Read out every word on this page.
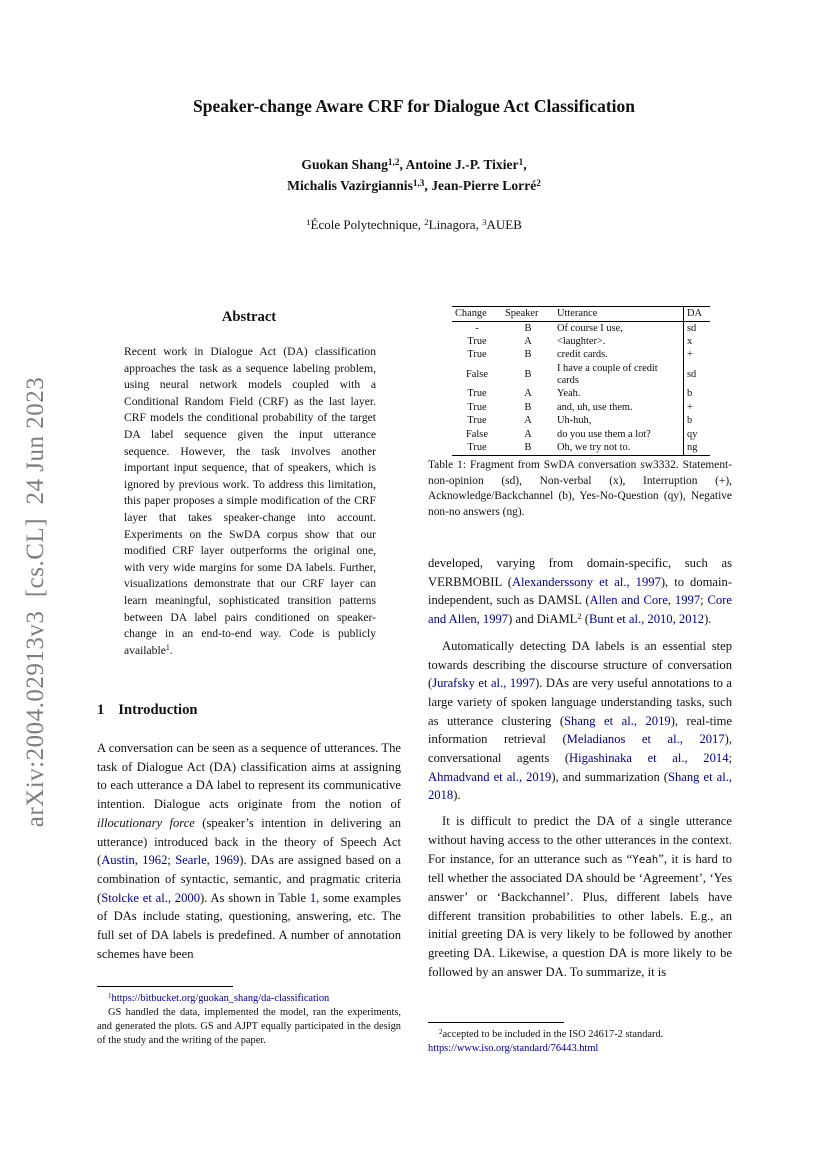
arXiv:2004.02913v3  [cs.CL]  24 Jun 2023
Speaker-change Aware CRF for Dialogue Act Classification
Guokan Shang$^{1,2}$, Antoine J.-P. Tixier$^1$,
Michalis Vazirgiannis$^{1,3}$, Jean-Pierre Lorré$^2$
$^1$École Polytechnique, $^2$Linagora, $^3$AUEB
Abstract
Recent work in Dialogue Act (DA) classification approaches the task as a sequence labeling problem, using neural network models coupled with a Conditional Random Field (CRF) as the last layer. CRF models the conditional probability of the target DA label sequence given the input utterance sequence. However, the task involves another important input sequence, that of speakers, which is ignored by previous work. To address this limitation, this paper proposes a simple modification of the CRF layer that takes speaker-change into account. Experiments on the SwDA corpus show that our modified CRF layer outperforms the original one, with very wide margins for some DA labels. Further, visualizations demonstrate that our CRF layer can learn meaningful, sophisticated transition patterns between DA label pairs conditioned on speaker-change in an end-to-end way. Code is publicly available$^1$.
1 Introduction
A conversation can be seen as a sequence of utterances. The task of Dialogue Act (DA) classification aims at assigning to each utterance a DA label to represent its communicative intention. Dialogue acts originate from the notion of illocutionary force (speaker’s intention in delivering an utterance) introduced back in the theory of Speech Act (Austin, 1962; Searle, 1969). DAs are assigned based on a combination of syntactic, semantic, and pragmatic criteria (Stolcke et al., 2000). As shown in Table 1, some examples of DAs include stating, questioning, answering, etc. The full set of DA labels is predefined. A number of annotation schemes have been

$^1$https://bitbucket.org/guokan_shang/da-classification

GS handled the data, implemented the model, ran the experiments, and generated the plots. GS and AJPT equally participated in the design of the study and the writing of the paper.

Change	Speaker	Utterance	DA
-	B	Of course I use,	sd
True	A	<laughter>.	x
True	B	credit cards.	+
False	B	I have a couple of credit cards	sd
True	A	Yeah.	b
True	B	and, uh, use them.	+
True	A	Uh-huh,	b
False	A	do you use them a lot?	qy
True	B	Oh, we try not to.	ng
Table 1: Fragment from SwDA conversation sw3332. Statement-non-opinion (sd), Non-verbal (x), Interruption (+), Acknowledge/Backchannel (b), Yes-No-Question (qy), Negative non-no answers (ng).

developed, varying from domain-specific, such as VERBMOBIL (Alexanderssony et al., 1997), to domain-independent, such as DAMSL (Allen and Core, 1997; Core and Allen, 1997) and DiAML$^2$ (Bunt et al., 2010, 2012).

Automatically detecting DA labels is an essential step towards describing the discourse structure of conversation (Jurafsky et al., 1997). DAs are very useful annotations to a large variety of spoken language understanding tasks, such as utterance clustering (Shang et al., 2019), real-time information retrieval (Meladianos et al., 2017), conversational agents (Higashinaka et al., 2014; Ahmadvand et al., 2019), and summarization (Shang et al., 2018).

It is difficult to predict the DA of a single utterance without having access to the other utterances in the context. For instance, for an utterance such as “Yeah”, it is hard to tell whether the associated DA should be ‘Agreement’, ‘Yes answer’ or ‘Backchannel’. Plus, different labels have different transition probabilities to other labels. E.g., an initial greeting DA is very likely to be followed by another greeting DA. Likewise, a question DA is more likely to be followed by an answer DA. To summarize, it is

$^2$accepted to be included in the ISO 24617-2 standard.

https://www.iso.org/standard/76443.html
